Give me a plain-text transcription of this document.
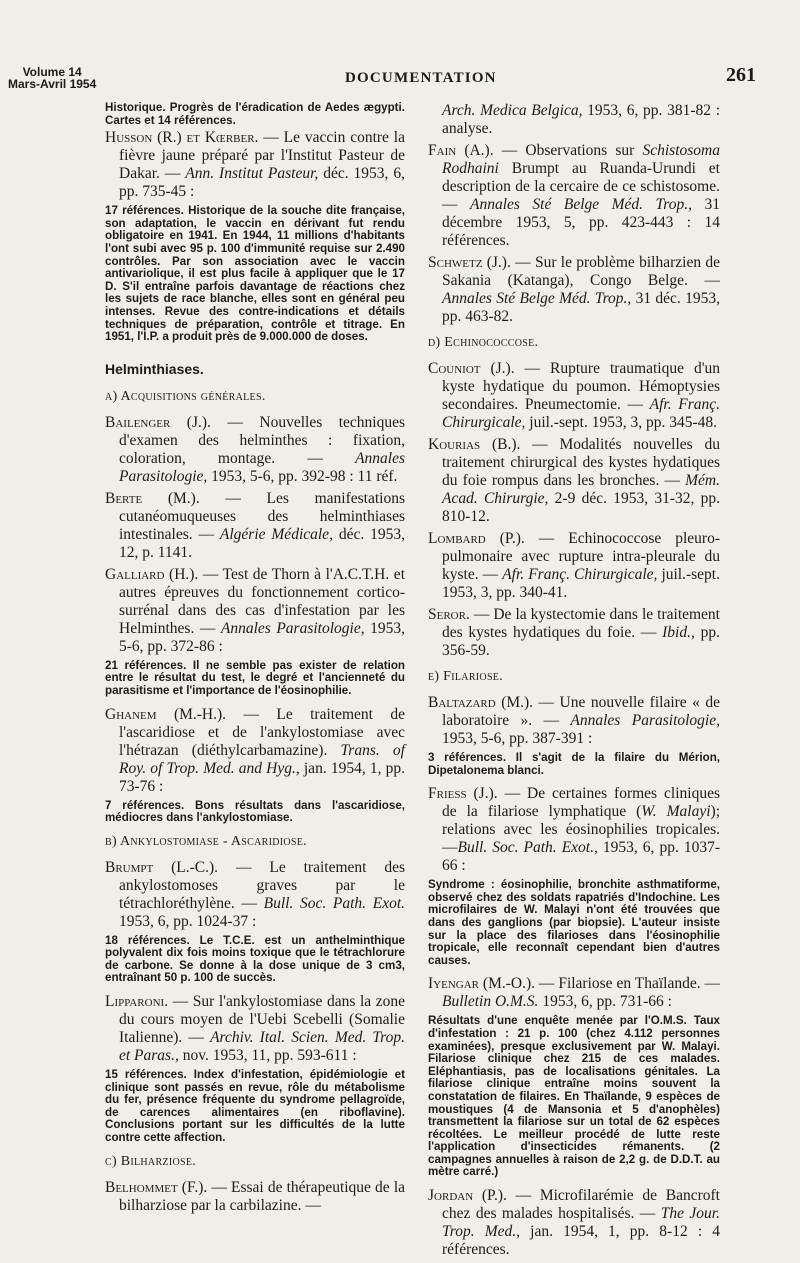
Volume 14
Mars-Avril 1954	DOCUMENTATION	261

Historique. Progrès de l'éradication de Aedes ægypti. Cartes et 14 références.

Husson (R.) et Kœrber. — Le vaccin contre la fièvre jaune préparé par l'Institut Pasteur de Dakar. — Ann. Institut Pasteur, déc. 1953, 6, pp. 735-45 :

17 références. Historique de la souche dite française, son adaptation, le vaccin en dérivant fut rendu obligatoire en 1941. En 1944, 11 millions d'habitants l'ont subi avec 95 p. 100 d'immunité requise sur 2.490 contrôles. Par son association avec le vaccin antivariolique, il est plus facile à appliquer que le 17 D. S'il entraîne parfois davantage de réactions chez les sujets de race blanche, elles sont en général peu intenses. Revue des contre-indications et détails techniques de préparation, contrôle et titrage. En 1951, l'I.P. a produit près de 9.000.000 de doses.

Helminthiases.
a) Acquisitions générales.

Bailenger (J.). — Nouvelles techniques d'examen des helminthes : fixation, coloration, montage. — Annales Parasitologie, 1953, 5-6, pp. 392-98 : 11 réf.

Berte (M.). — Les manifestations cutanéomuqueuses des helminthiases intestinales. — Algérie Médicale, déc. 1953, 12, p. 1141.

Galliard (H.). — Test de Thorn à l'A.C.T.H. et autres épreuves du fonctionnement cortico-surrénal dans des cas d'infestation par les Helminthes. — Annales Parasitologie, 1953, 5-6, pp. 372-86 :

21 références. Il ne semble pas exister de relation entre le résultat du test, le degré et l'ancienneté du parasitisme et l'importance de l'éosinophilie.

Ghanem (M.-H.). — Le traitement de l'ascaridiose et de l'ankylostomiase avec l'hétrazan (diéthylcarbamazine). Trans. of Roy. of Trop. Med. and Hyg., jan. 1954, 1, pp. 73-76 :

7 références. Bons résultats dans l'ascaridiose, médiocres dans l'ankylostomiase.

b) Ankylostomiase - Ascaridiose.

Brumpt (L.-C.). — Le traitement des ankylostomoses graves par le tétrachloréthylène. — Bull. Soc. Path. Exot. 1953, 6, pp. 1024-37 :

18 références. Le T.C.E. est un anthelminthique polyvalent dix fois moins toxique que le tétrachlorure de carbone. Se donne à la dose unique de 3 cm3, entraînant 50 p. 100 de succès.

Lipparoni. — Sur l'ankylostomiase dans la zone du cours moyen de l'Uebi Scebelli (Somalie Italienne). — Archiv. Ital. Scien. Med. Trop. et Paras., nov. 1953, 11, pp. 593-611 :

15 références. Index d'infestation, épidémiologie et clinique sont passés en revue, rôle du métabolisme du fer, présence fréquente du syndrome pellagroïde, de carences alimentaires (en riboflavine). Conclusions portant sur les difficultés de la lutte contre cette affection.

c) Bilharziose.

Belhommet (F.). — Essai de thérapeutique de la bilharziose par la carbilazine. —

Arch. Medica Belgica, 1953, 6, pp. 381-82 : analyse.

Fain (A.). — Observations sur Schistosoma Rodhaini Brumpt au Ruanda-Urundi et description de la cercaire de ce schistosome. — Annales Sté Belge Méd. Trop., 31 décembre 1953, 5, pp. 423-443 : 14 références.

Schwetz (J.). — Sur le problème bilharzien de Sakania (Katanga), Congo Belge. — Annales Sté Belge Méd. Trop., 31 déc. 1953, pp. 463-82.

d) Echinococcose.

Couniot (J.). — Rupture traumatique d'un kyste hydatique du poumon. Hémoptysies secondaires. Pneumectomie. — Afr. Franç. Chirurgicale, juil.-sept. 1953, 3, pp. 345-48.

Kourias (B.). — Modalités nouvelles du traitement chirurgical des kystes hydatiques du foie rompus dans les bronches. — Mém. Acad. Chirurgie, 2-9 déc. 1953, 31-32, pp. 810-12.

Lombard (P.). — Echinococcose pleuro-pulmonaire avec rupture intra-pleurale du kyste. — Afr. Franç. Chirurgicale, juil.-sept. 1953, 3, pp. 340-41.

Seror. — De la kystectomie dans le traitement des kystes hydatiques du foie. — Ibid., pp. 356-59.

e) Filariose.

Baltazard (M.). — Une nouvelle filaire « de laboratoire ». — Annales Parasitologie, 1953, 5-6, pp. 387-391 :

3 références. Il s'agit de la filaire du Mérion, Dipetalonema blanci.

Friess (J.). — De certaines formes cliniques de la filariose lymphatique (W. Malayi); relations avec les éosinophilies tropicales. —Bull. Soc. Path. Exot., 1953, 6, pp. 1037-66 :

Syndrome : éosinophilie, bronchite asthmatiforme, observé chez des soldats rapatriés d'Indochine. Les microfilaires de W. Malayi n'ont été trouvées que dans des ganglions (par biopsie). L'auteur insiste sur la place des filarioses dans l'éosinophilie tropicale, elle reconnaît cependant bien d'autres causes.

Iyengar (M.-O.). — Filariose en Thaïlande. — Bulletin O.M.S. 1953, 6, pp. 731-66 :

Résultats d'une enquête menée par l'O.M.S. Taux d'infestation : 21 p. 100 (chez 4.112 personnes examinées), presque exclusivement par W. Malayi. Filariose clinique chez 215 de ces malades. Eléphantiasis, pas de localisations génitales. La filariose clinique entraîne moins souvent la constatation de filaires. En Thaïlande, 9 espèces de moustiques (4 de Mansonia et 5 d'anophèles) transmettent la filariose sur un total de 62 espèces récoltées. Le meilleur procédé de lutte reste l'application d'insecticides rémanents. (2 campagnes annuelles à raison de 2,2 g. de D.D.T. au mètre carré.)

Jordan (P.). — Microfilarémie de Bancroft chez des malades hospitalisés. — The Jour. Trop. Med., jan. 1954, 1, pp. 8-12 : 4 références.
